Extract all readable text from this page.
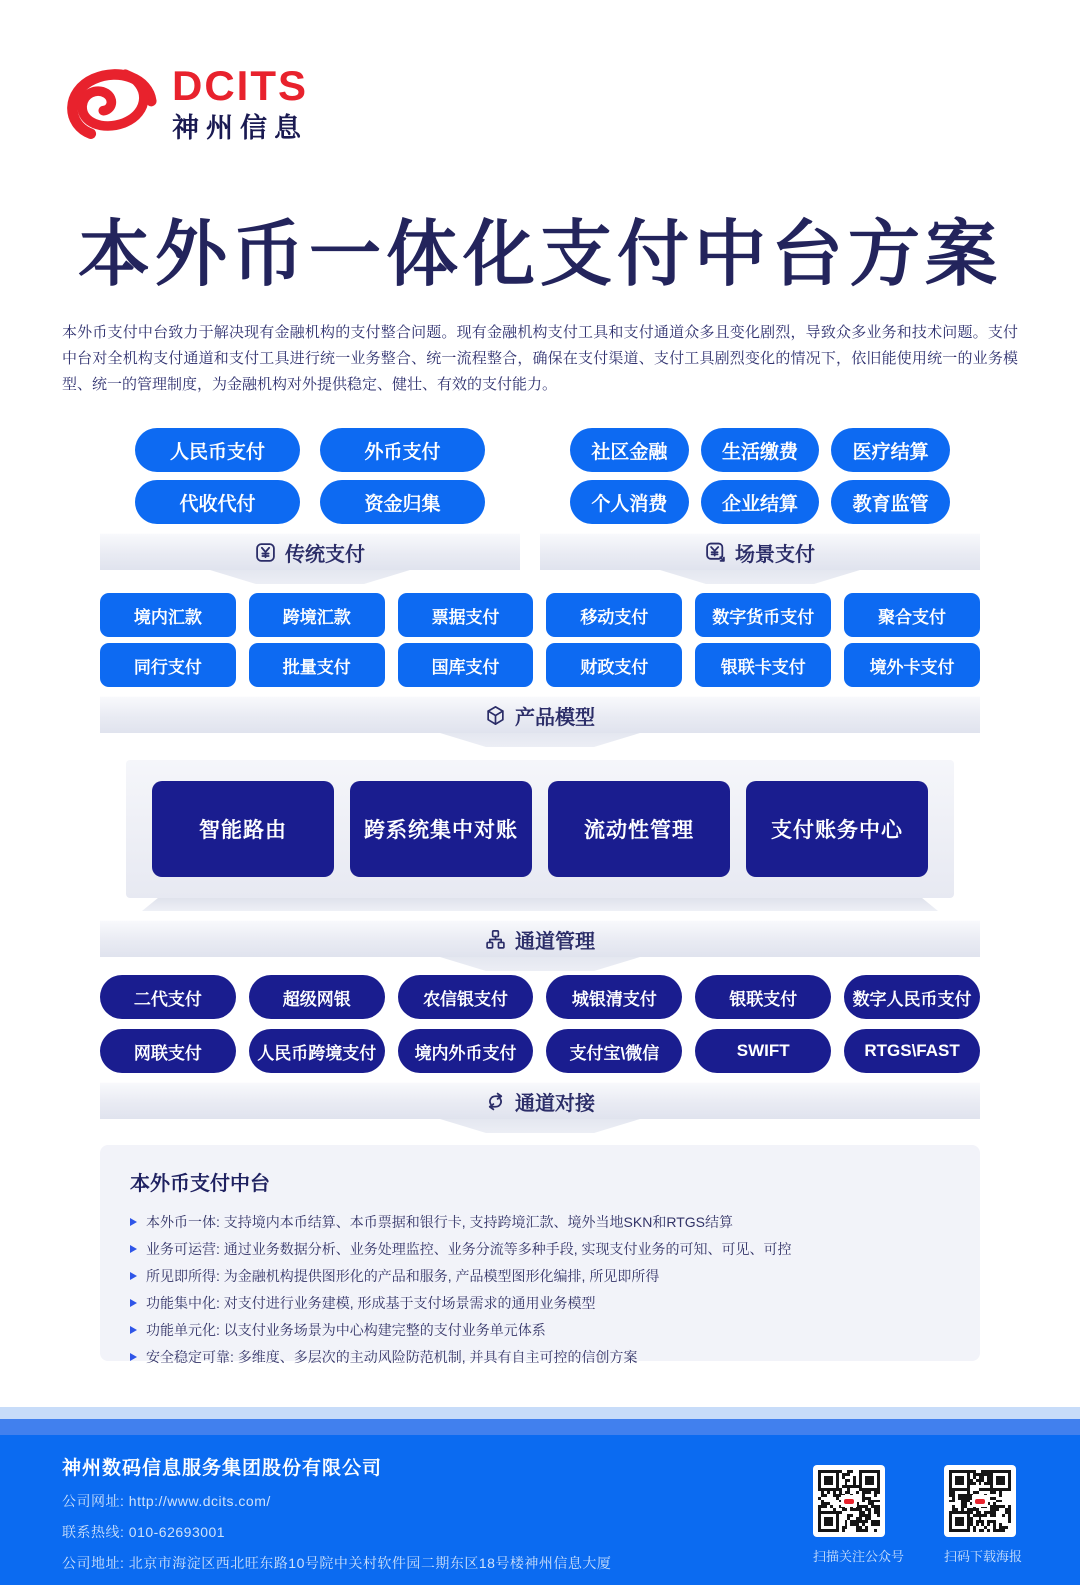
DCITS
神州信息
本外币一体化支付中台方案

本外币支付中台致力于解决现有金融机构的支付整合问题。现有金融机构支付工具和支付通道众多且变化剧烈，导致众多业务和技术问题。支付中台对全机构支付通道和支付工具进行统一业务整合、统一流程整合，确保在支付渠道、支付工具剧烈变化的情况下，依旧能使用统一的业务模型、统一的管理制度，为金融机构对外提供稳定、健壮、有效的支付能力。

人民币支付	外币支付
代收代付	资金归集
传统支付
社区金融	生活缴费	医疗结算
个人消费	企业结算	教育监管
场景支付
境内汇款	跨境汇款	票据支付	移动支付	数字货币支付	聚合支付
同行支付	批量支付	国库支付	财政支付	银联卡支付	境外卡支付
产品模型
智能路由	跨系统集中对账	流动性管理	支付账务中心
通道管理
二代支付	超级网银	农信银支付	城银清支付	银联支付	数字人民币支付
网联支付	人民币跨境支付	境内外币支付	支付宝\微信	SWIFT	RTGS\FAST
通道对接
本外币支付中台
本外币一体: 支持境内本币结算、本币票据和银行卡, 支持跨境汇款、境外当地SKN和RTGS结算
业务可运营: 通过业务数据分析、业务处理监控、业务分流等多种手段, 实现支付业务的可知、可见、可控
所见即所得: 为金融机构提供图形化的产品和服务, 产品模型图形化编排, 所见即所得
功能集中化: 对支付进行业务建模, 形成基于支付场景需求的通用业务模型
功能单元化: 以支付业务场景为中心构建完整的支付业务单元体系
安全稳定可靠: 多维度、多层次的主动风险防范机制, 并具有自主可控的信创方案
神州数码信息服务集团股份有限公司
公司网址: http://www.dcits.com/
联系热线: 010-62693001
公司地址: 北京市海淀区西北旺东路10号院中关村软件园二期东区18号楼神州信息大厦	扫描关注公众号	扫码下载海报
